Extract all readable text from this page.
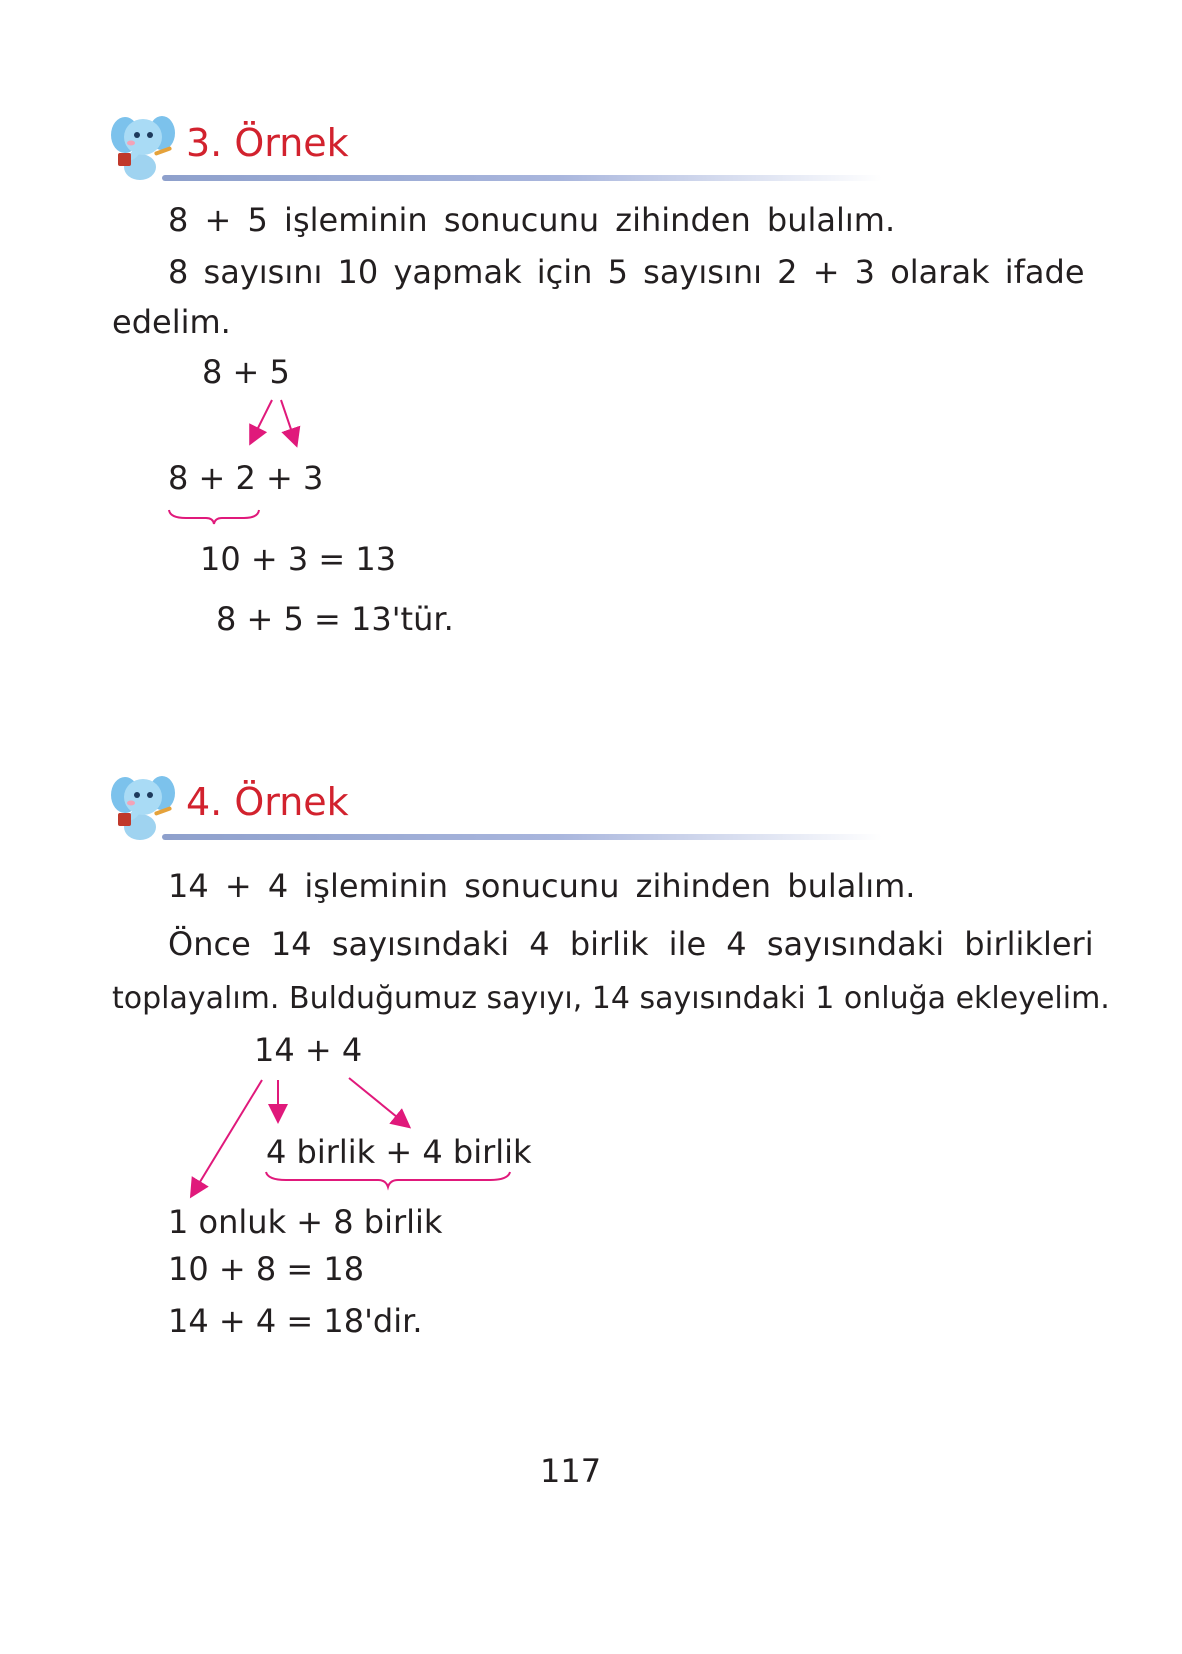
3. Örnek
8 + 5 işleminin sonucunu zihinden bulalım.
8 sayısını 10 yapmak için 5 sayısını 2 + 3 olarak ifade
edelim.
8 + 5
8 + 2 + 3
10 + 3 = 13
8 + 5 = 13'tür.
4. Örnek
14 + 4 işleminin sonucunu zihinden bulalım.
Önce 14 sayısındaki 4 birlik ile 4 sayısındaki birlikleri
toplayalım. Bulduğumuz sayıyı, 14 sayısındaki 1 onluğa ekleyelim.
14 + 4
4 birlik + 4 birlik
1 onluk + 8 birlik
10 + 8 = 18
14 + 4 = 18'dir.
117
